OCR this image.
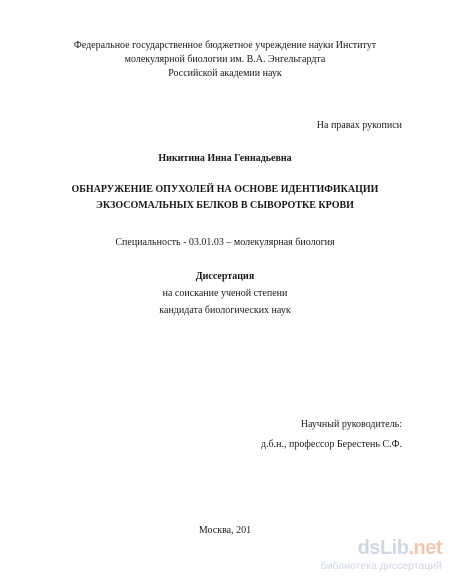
Федеральное государственное бюджетное учреждение науки Институт
молекулярной биологии им. В.А. Энгельгардта
Российской академии наук
На правах рукописи
Никитина Инна Геннадьевна
ОБНАРУЖЕНИЕ ОПУХОЛЕЙ НА ОСНОВЕ ИДЕНТИФИКАЦИИ
ЭКЗОСОМАЛЬНЫХ БЕЛКОВ В СЫВОРОТКЕ КРОВИ
Специальность - 03.01.03 – молекулярная биология
Диссертация
на соискание ученой степени
кандидата биологических наук
Научный руководитель:
д.б.н., профессор Берестень С.Ф.
Москва, 201
dsLib.net
библиотека диссертаций
